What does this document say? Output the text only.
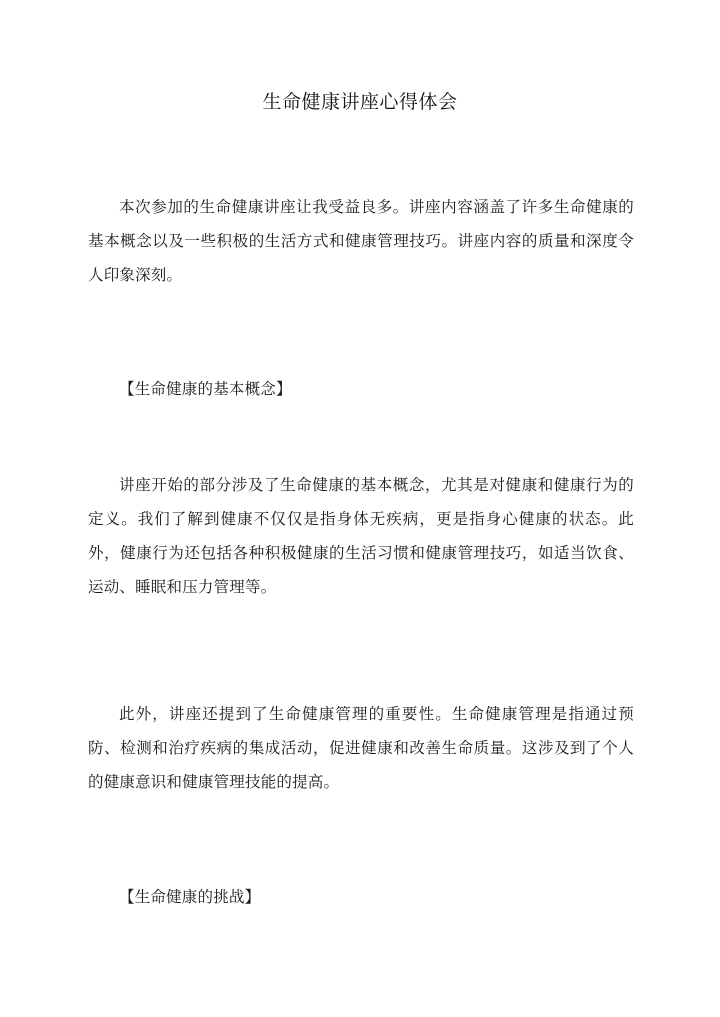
生命健康讲座心得体会
本次参加的生命健康讲座让我受益良多。讲座内容涵盖了许多生命健康的基本概念以及一些积极的生活方式和健康管理技巧。讲座内容的质量和深度令人印象深刻。
【生命健康的基本概念】
讲座开始的部分涉及了生命健康的基本概念，尤其是对健康和健康行为的定义。我们了解到健康不仅仅是指身体无疾病，更是指身心健康的状态。此外，健康行为还包括各种积极健康的生活习惯和健康管理技巧，如适当饮食、运动、睡眠和压力管理等。
此外，讲座还提到了生命健康管理的重要性。生命健康管理是指通过预防、检测和治疗疾病的集成活动，促进健康和改善生命质量。这涉及到了个人的健康意识和健康管理技能的提高。
【生命健康的挑战】
